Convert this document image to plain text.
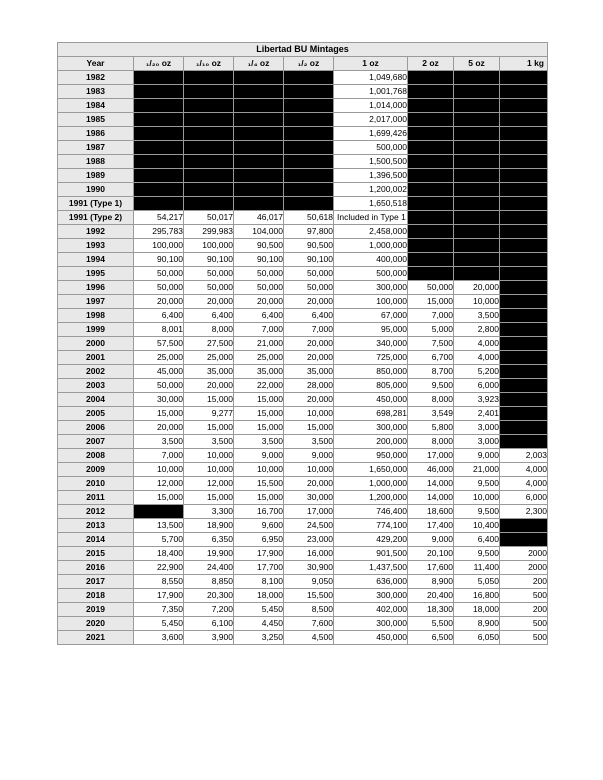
Libertad BU Mintages								
Year	₁/₂₀ oz	₁/₁₀ oz	₁/₄ oz	₁/₂ oz	1 oz	2 oz	5 oz	1 kg
1982					1,049,680			
1983					1,001,768			
1984					1,014,000			
1985					2,017,000			
1986					1,699,426			
1987					500,000			
1988					1,500,500			
1989					1,396,500			
1990					1,200,002			
1991 (Type 1)					1,650,518			
1991 (Type 2)	54,217	50,017	46,017	50,618	Included in Type 1			
1992	295,783	299,983	104,000	97,800	2,458,000			
1993	100,000	100,000	90,500	90,500	1,000,000			
1994	90,100	90,100	90,100	90,100	400,000			
1995	50,000	50,000	50,000	50,000	500,000			
1996	50,000	50,000	50,000	50,000	300,000	50,000	20,000	
1997	20,000	20,000	20,000	20,000	100,000	15,000	10,000	
1998	6,400	6,400	6,400	6,400	67,000	7,000	3,500	
1999	8,001	8,000	7,000	7,000	95,000	5,000	2,800	
2000	57,500	27,500	21,000	20,000	340,000	7,500	4,000	
2001	25,000	25,000	25,000	20,000	725,000	6,700	4,000	
2002	45,000	35,000	35,000	35,000	850,000	8,700	5,200	
2003	50,000	20,000	22,000	28,000	805,000	9,500	6,000	
2004	30,000	15,000	15,000	20,000	450,000	8,000	3,923	
2005	15,000	9,277	15,000	10,000	698,281	3,549	2,401	
2006	20,000	15,000	15,000	15,000	300,000	5,800	3,000	
2007	3,500	3,500	3,500	3,500	200,000	8,000	3,000	
2008	7,000	10,000	9,000	9,000	950,000	17,000	9,000	2,003
2009	10,000	10,000	10,000	10,000	1,650,000	46,000	21,000	4,000
2010	12,000	12,000	15,500	20,000	1,000,000	14,000	9,500	4,000
2011	15,000	15,000	15,000	30,000	1,200,000	14,000	10,000	6,000
2012		3,300	16,700	17,000	746,400	18,600	9,500	2,300
2013	13,500	18,900	9,600	24,500	774,100	17,400	10,400	
2014	5,700	6,350	6,950	23,000	429,200	9,000	6,400	
2015	18,400	19,900	17,900	16,000	901,500	20,100	9,500	2000
2016	22,900	24,400	17,700	30,900	1,437,500	17,600	11,400	2000
2017	8,550	8,850	8,100	9,050	636,000	8,900	5,050	200
2018	17,900	20,300	18,000	15,500	300,000	20,400	16,800	500
2019	7,350	7,200	5,450	8,500	402,000	18,300	18,000	200
2020	5,450	6,100	4,450	7,600	300,000	5,500	8,900	500
2021	3,600	3,900	3,250	4,500	450,000	6,500	6,050	500
